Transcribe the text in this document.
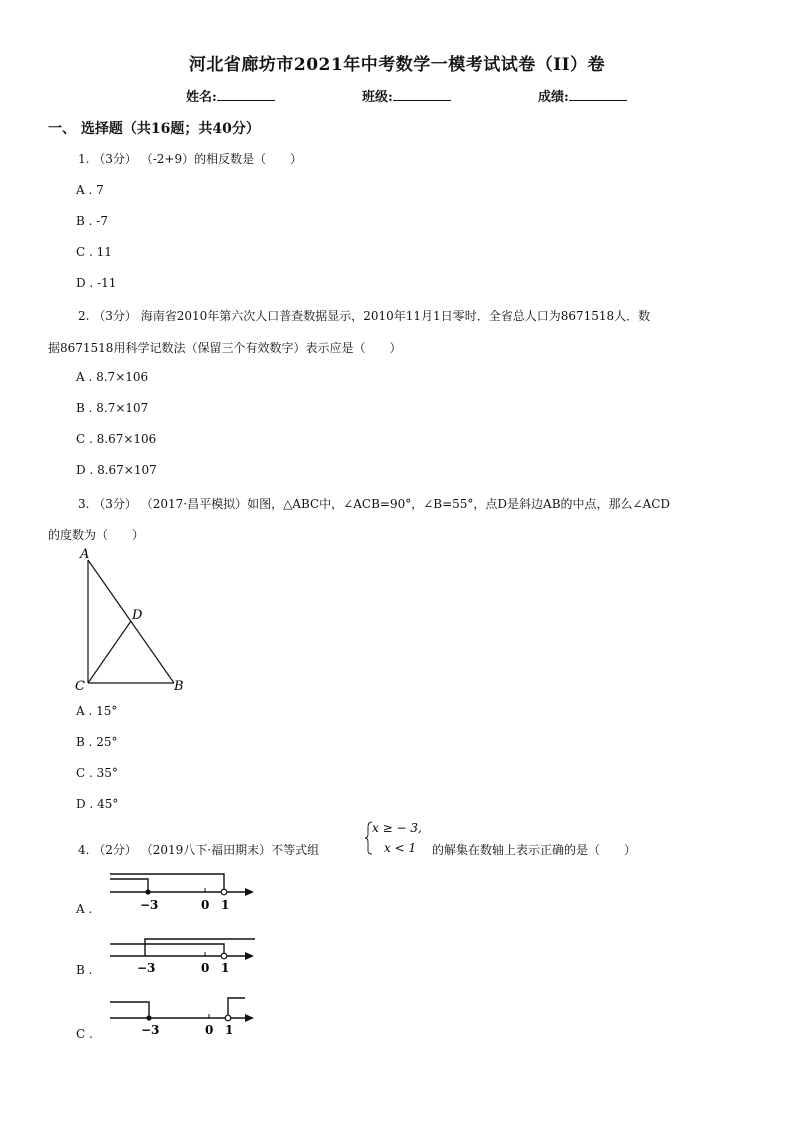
河北省廊坊市2021年中考数学一模考试试卷（II）卷
姓名:	班级:	成绩:
一、 选择题（共16题；共40分）
1. （3分） （-2+9）的相反数是（　　）
A . 7
B . -7
C . 11
D . -11
2. （3分） 海南省2010年第六次人口普查数据显示，2010年11月1日零时．全省总人口为8671518人．数
据8671518用科学记数法（保留三个有效数字）表示应是（　　）
A . 8.7×106
B . 8.7×107
C . 8.67×106
D . 8.67×107
3. （3分） （2017·昌平模拟）如图，△ABC中，∠ACB=90°，∠B=55°，点D是斜边AB的中点，那么∠ACD
的度数为（　　）
A
D
C	B
A . 15°
B . 25°
C . 35°
D . 45°
4. （2分） （2019八下·福田期末）不等式组
x ≥ − 3,
x < 1 的解集在数轴上表示正确的是（　　）
A .	−3	0 1
B .	−3	0 1
C .	−3	0 1
